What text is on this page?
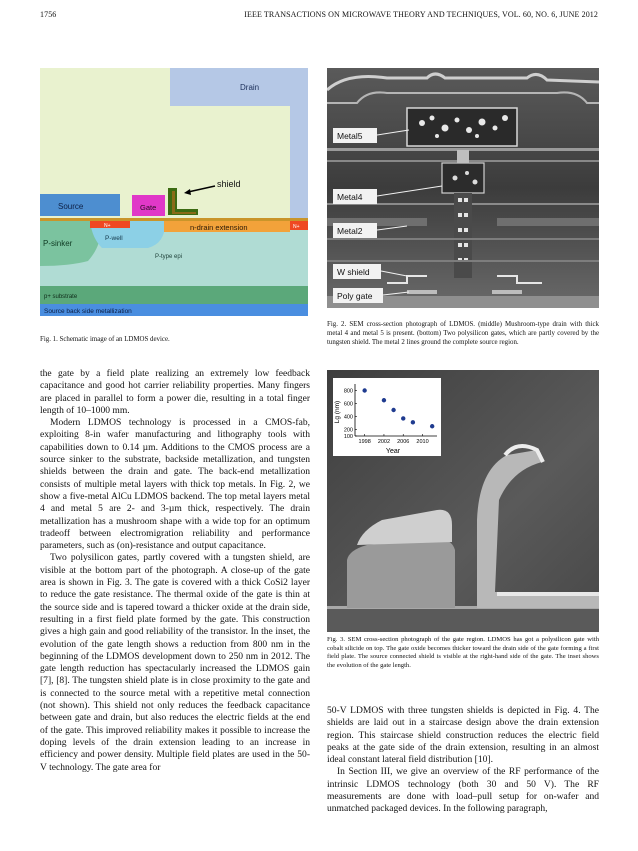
1756	IEEE TRANSACTIONS ON MICROWAVE THEORY AND TECHNIQUES, VOL. 60, NO. 6, JUNE 2012
Drain
Source	Gate
shield
P-sinker
P-well
N+	n-drain extension	N+
P-type epi
p+ substrate
Source back side metallization
Fig. 1. Schematic image of an LDMOS device.
Metal5
Metal4
Metal2
W shield
Poly gate
Fig. 2. SEM cross-section photograph of LDMOS. (middle) Mushroom-type drain with thick metal 4 and metal 5 is present. (bottom) Two polysilicon gates, which are partly covered by the tungsten shield. The metal 2 lines ground the complete source region.
Lg (nm)
800
600
400
200
100
1998 2002 2006 2010
Year
Fig. 3. SEM cross-section photograph of the gate region. LDMOS has got a polysilicon gate with cobalt silicide on top. The gate oxide becomes thicker toward the drain side of the gate forming a first field plate. The source connected shield is visible at the right-hand side of the gate. The inset shows the evolution of the gate length.

the gate by a field plate realizing an extremely low feedback capacitance and good hot carrier reliability properties. Many fingers are placed in parallel to form a power die, resulting in a total finger length of 10–1000 mm.

Modern LDMOS technology is processed in a CMOS-fab, exploiting 8-in wafer manufacturing and lithography tools with capabilities down to 0.14 µm. Additions to the CMOS process are a source sinker to the substrate, backside metallization, and tungsten shields between the drain and gate. The back-end metallization consists of multiple metal layers with thick top metals. In Fig. 2, we show a five-metal AlCu LDMOS backend. The top metal layers metal 4 and metal 5 are 2- and 3-µm thick, respectively. The drain metallization has a mushroom shape with a wide top for an optimum tradeoff between electromigration reliability and performance parameters, such as (on)-resistance and output capacitance.

Two polysilicon gates, partly covered with a tungsten shield, are visible at the bottom part of the photograph. A close-up of the gate area is shown in Fig. 3. The gate is covered with a thick CoSi2 layer to reduce the gate resistance. The thermal oxide of the gate is thin at the source side and is tapered toward a thicker oxide at the drain side, resulting in a first field plate formed by the gate. This construction gives a high gain and good reliability of the transistor. In the inset, the evolution of the gate length shows a reduction from 800 nm in the beginning of the LDMOS development down to 250 nm in 2012. The gate length reduction has spectacularly increased the LDMOS gain [7], [8]. The tungsten shield plate is in close proximity to the gate and is connected to the source metal with a repetitive metal connection (not shown). This shield not only reduces the feedback capacitance between gate and drain, but also reduces the electric fields at the end of the gate. This improved reliability makes it possible to increase the doping levels of the drain extension leading to an increase in efficiency and power density. Multiple field plates are used in the 50-V technology. The gate area for

50-V LDMOS with three tungsten shields is depicted in Fig. 4. The shields are laid out in a staircase design above the drain extension region. This staircase shield construction reduces the electric field peaks at the gate side of the drain extension, resulting in an almost ideal constant lateral field distribution [10].

In Section III, we give an overview of the RF performance of the intrinsic LDMOS technology (both 30 and 50 V). The RF measurements are done with load–pull setup for on-wafer and unmatched packaged devices. In the following paragraph,
